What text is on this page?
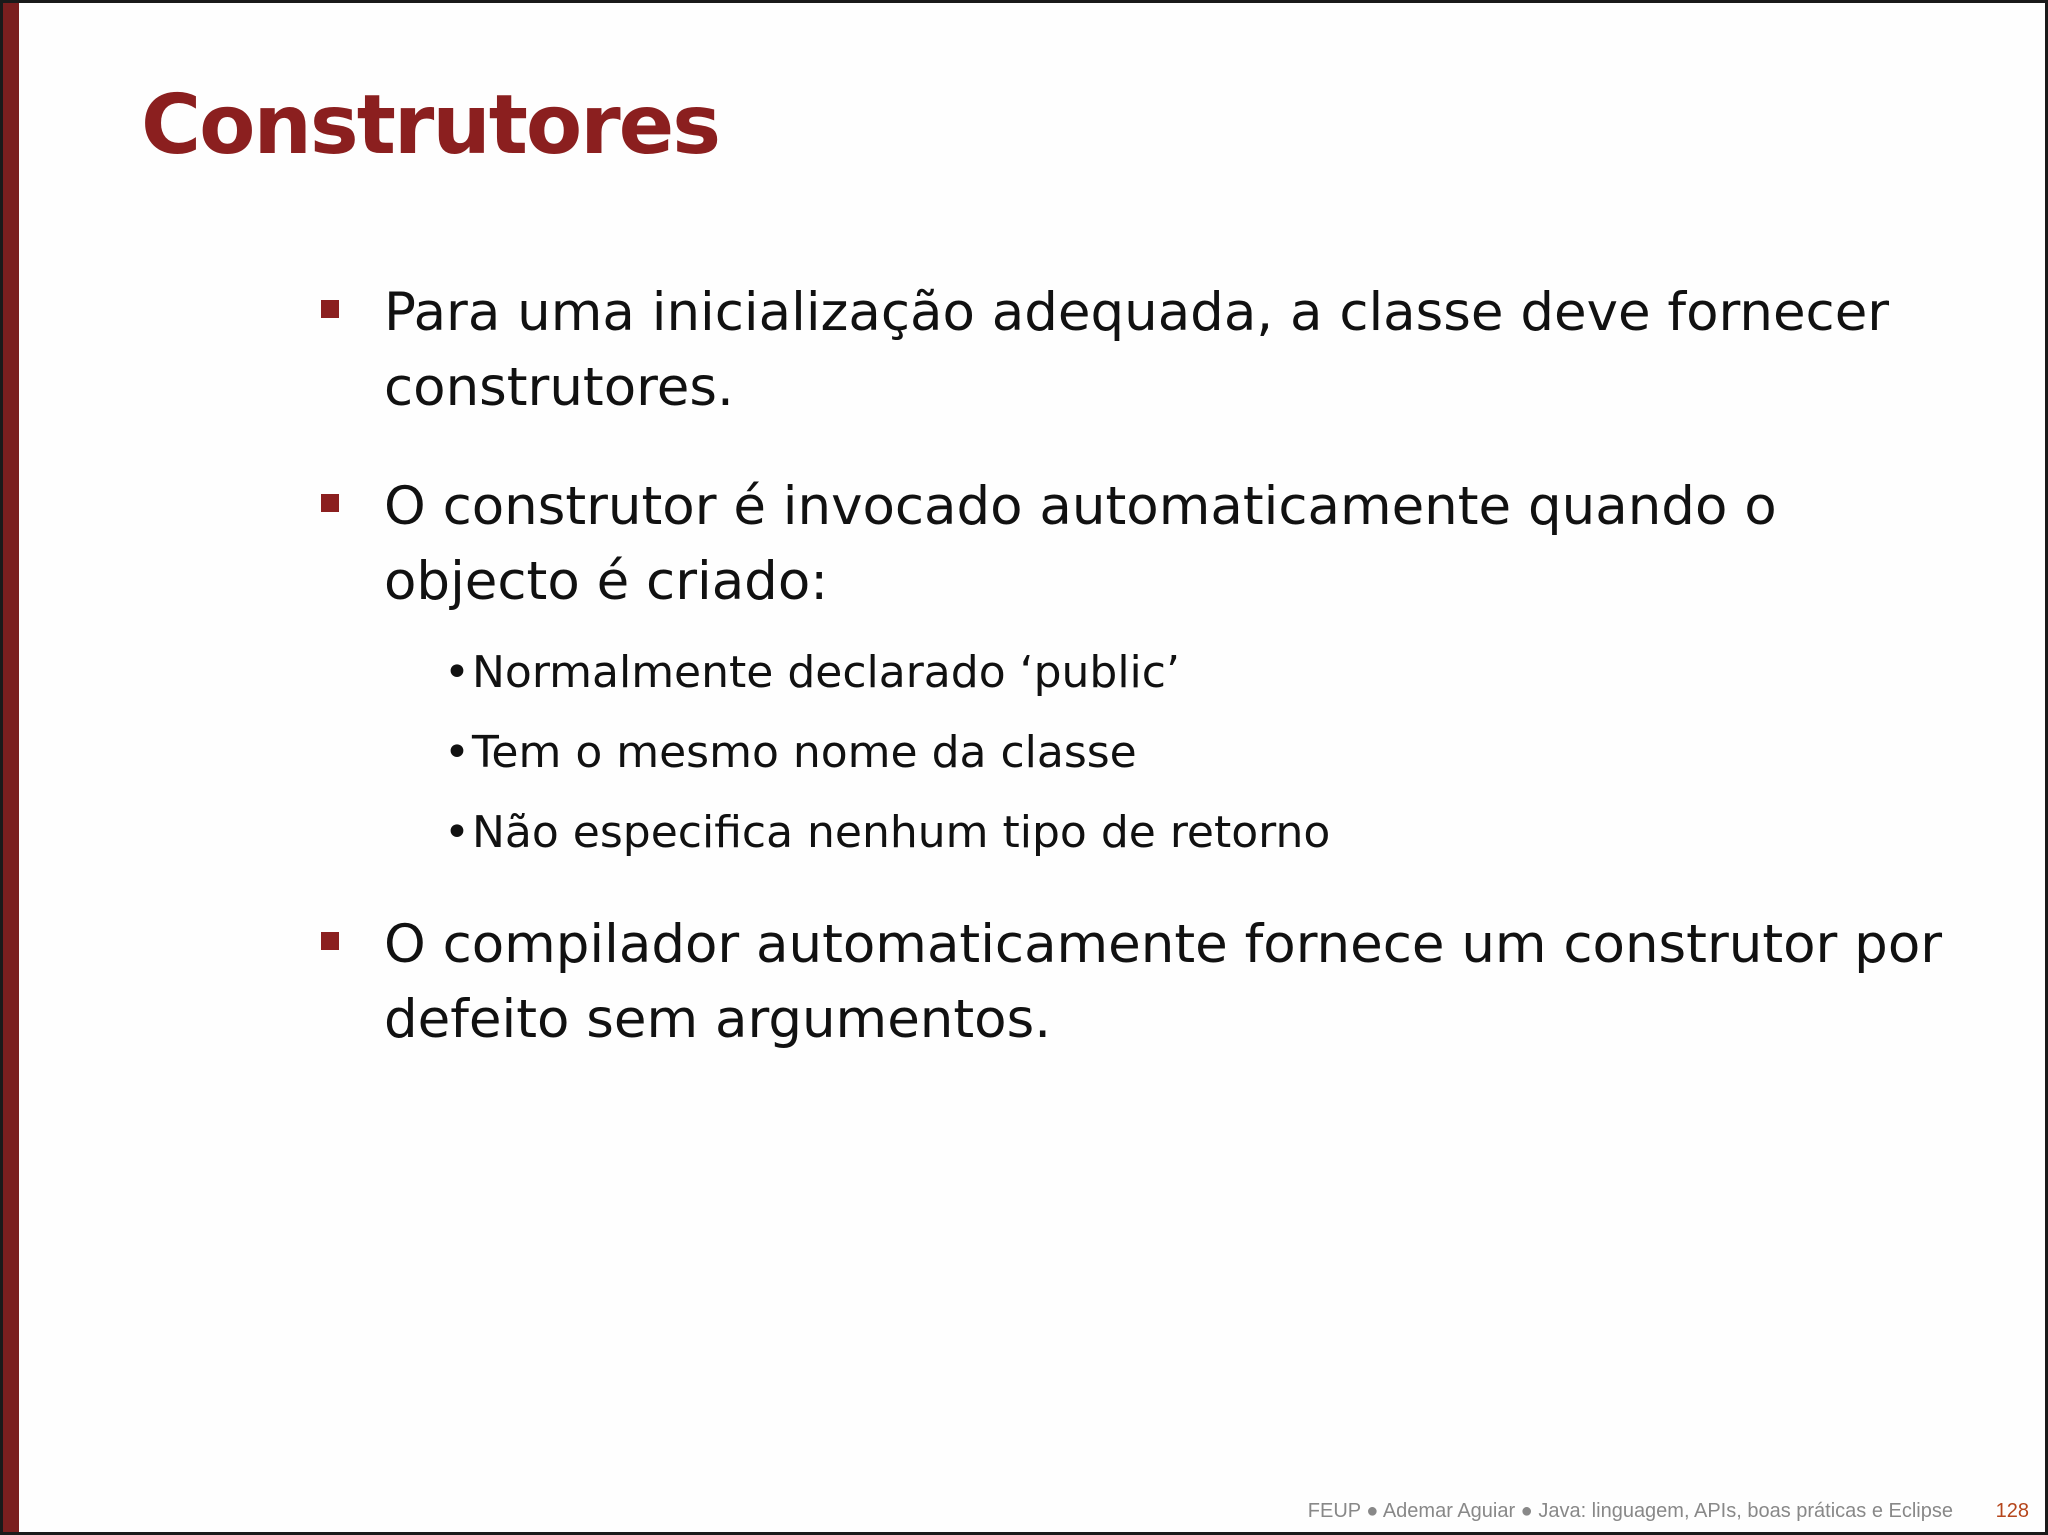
Construtores
Para uma inicialização adequada, a classe deve fornecer construtores.
O construtor é invocado automaticamente quando o objecto é criado:
• Normalmente declarado ‘public’
• Tem o mesmo nome da classe
• Não especifica nenhum tipo de retorno
O compilador automaticamente fornece um construtor por defeito sem argumentos.
FEUP ● Ademar Aguiar ● Java: linguagem, APIs, boas práticas e Eclipse 128
